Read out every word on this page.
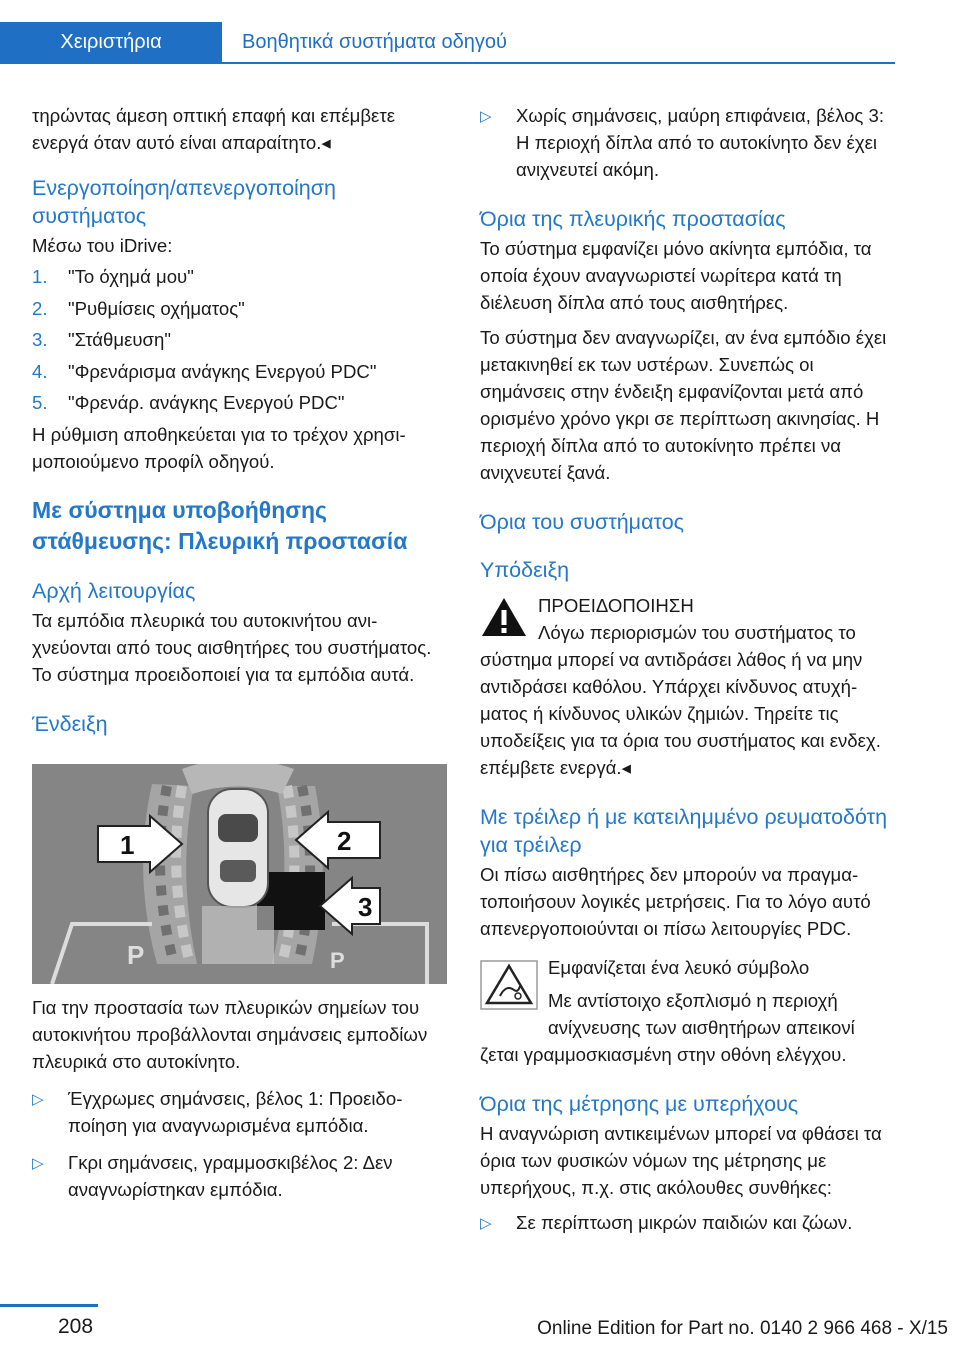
Χειριστήρια	Βοηθητικά συστήματα οδηγού

τηρώντας άμεση οπτική επαφή και επέμβετε ενεργά όταν αυτό είναι απαραίτητο.◂

Ενεργοποίηση/απενεργοποίηση συστήματος

Μέσω του iDrive:

1.	"Το όχημά μου"
2.	"Ρυθμίσεις οχήματος"
3.	"Στάθμευση"
4.	"Φρενάρισμα ανάγκης Ενεργού PDC"
5.	"Φρενάρ. ανάγκης Ενεργού PDC"

Η ρύθμιση αποθηκεύεται για το τρέχον χρησιμοποιούμενο προφίλ οδηγού.

Με σύστημα υποβοήθησης στάθμευσης: Πλευρική προστασία
Αρχή λειτουργίας

Τα εμπόδια πλευρικά του αυτοκινήτου ανιχνεύονται από τους αισθητήρες του συστήματος. Το σύστημα προειδοποιεί για τα εμπόδια αυτά.

Ένδειξη
P	P
1	2
3

Για την προστασία των πλευρικών σημείων του αυτοκινήτου προβάλλονται σημάνσεις εμποδίων πλευρικά στο αυτοκίνητο.

▷	Έγχρωμες σημάνσεις, βέλος 1: Προειδοποίηση για αναγνωρισμένα εμπόδια.
▷	Γκρι σημάνσεις, γραμμοσκιβέλος 2: Δεν αναγνωρίστηκαν εμπόδια.
▷	Χωρίς σημάνσεις, μαύρη επιφάνεια, βέλος 3: Η περιοχή δίπλα από το αυτοκίνητο δεν έχει ανιχνευτεί ακόμη.
Όρια της πλευρικής προστασίας

Το σύστημα εμφανίζει μόνο ακίνητα εμπόδια, τα οποία έχουν αναγνωριστεί νωρίτερα κατά τη διέλευση δίπλα από τους αισθητήρες.

Το σύστημα δεν αναγνωρίζει, αν ένα εμπόδιο έχει μετακινηθεί εκ των υστέρων. Συνεπώς οι σημάνσεις στην ένδειξη εμφανίζονται μετά από ορισμένο χρόνο γκρι σε περίπτωση ακινησίας. Η περιοχή δίπλα από το αυτοκίνητο πρέπει να ανιχνευτεί ξανά.

Όρια του συστήματος
Υπόδειξη

ΠΡΟΕΙΔΟΠΟΙΗΣΗ

Λόγω περιορισμών του συστήματος το

σύστημα μπορεί να αντιδράσει λάθος ή να μην αντιδράσει καθόλου. Υπάρχει κίνδυνος ατυχήματος ή κίνδυνος υλικών ζημιών. Τηρείτε τις υποδείξεις για τα όρια του συστήματος και ενδεχ. επέμβετε ενεργά.◂

Με τρέιλερ ή με κατειλημμένο ρευματοδότη για τρέιλερ

Οι πίσω αισθητήρες δεν μπορούν να πραγματοποιήσουν λογικές μετρήσεις. Για το λόγο αυτό απενεργοποιούνται οι πίσω λειτουργίες PDC.

Εμφανίζεται ένα λευκό σύμβολο

Με αντίστοιχο εξοπλισμό η περιοχή

ανίχνευσης των αισθητήρων απεικονί

ζεται γραμμοσκιασμένη στην οθόνη ελέγχου.

Όρια της μέτρησης με υπερήχους

Η αναγνώριση αντικειμένων μπορεί να φθάσει τα όρια των φυσικών νόμων της μέτρησης με υπερήχους, π.χ. στις ακόλουθες συνθήκες:

▷	Σε περίπτωση μικρών παιδιών και ζώων.
208	Online Edition for Part no. 0140 2 966 468 - X/15
